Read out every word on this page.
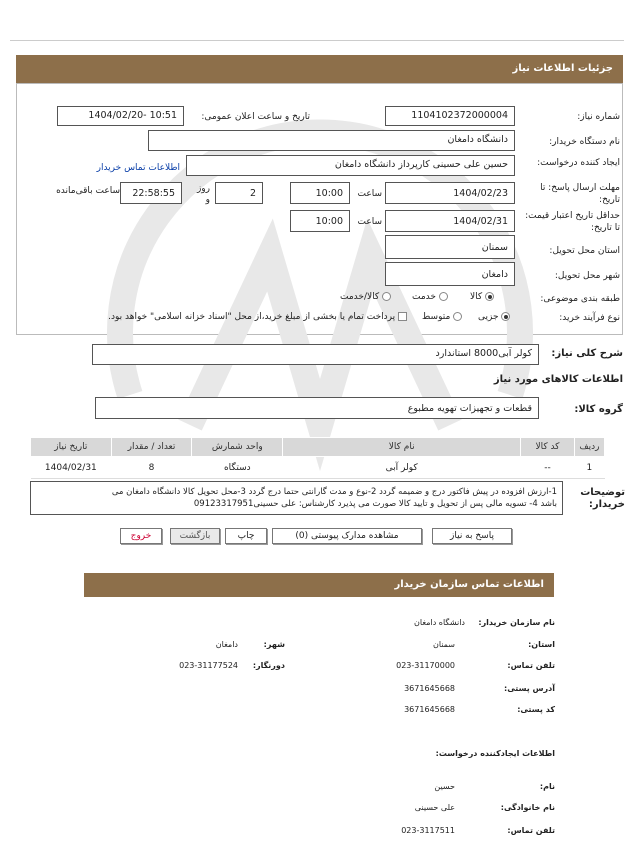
جزئیات اطلاعات نیاز
شماره نیاز:
1104102372000004
تاریخ و ساعت اعلان عمومی:
1404/02/20- 10:51
نام دستگاه خریدار:
دانشگاه دامغان
ایجاد کننده درخواست:
حسین علی حسینی کارپرداز دانشگاه دامغان
اطلاعات تماس خریدار
مهلت ارسال پاسخ: تا تاریخ:
1404/02/23
ساعت
10:00
2
روز و
22:58:55
ساعت باقی‌مانده
حداقل تاریخ اعتبار قیمت: تا تاریخ:
1404/02/31
ساعت
10:00
استان محل تحویل:
سمنان
شهر محل تحویل:
دامغان
طبقه بندی موضوعی:
کالا
خدمت
کالا/خدمت
نوع فرآیند خرید:
جزیی
متوسط
پرداخت تمام یا بخشی از مبلغ خرید،از محل "اسناد خزانه اسلامی" خواهد بود.
شرح کلی نیاز:
کولر آبی8000 استاندارد
اطلاعات کالاهای مورد نیاز
گروه کالا:
قطعات و تجهیزات تهویه مطبوع
ردیف	کد کالا	نام کالا	واحد شمارش	تعداد / مقدار	تاریخ نیاز
1	--	کولر آبی	دستگاه	8	1404/02/31
توضیحات خریدار:
1-ارزش افزوده در پیش فاکتور درج و ضمیمه گردد 2-نوع و مدت گارانتی حتما درج گردد 3-محل تحویل کالا دانشگاه دامغان می
باشد 4- تسویه مالی پس از تحویل و تایید کالا صورت می پذیرد کارشناس: علی حسینی09123317951
پاسخ به نیاز
مشاهده مدارک پیوستی (0)
چاپ
بازگشت
خروج
اطلاعات تماس سازمان خریدار
نام سازمان خریدار:
دانشگاه دامغان
استان:
سمنان
شهر:
دامغان
تلفن تماس:
023-31170000
دورنگار:
023-31177524
آدرس پستی:
3671645668
کد پستی:
3671645668
اطلاعات ایجادکننده درخواست:
نام:
حسین
نام خانوادگی:
علی حسینی
تلفن تماس:
023-3117511
